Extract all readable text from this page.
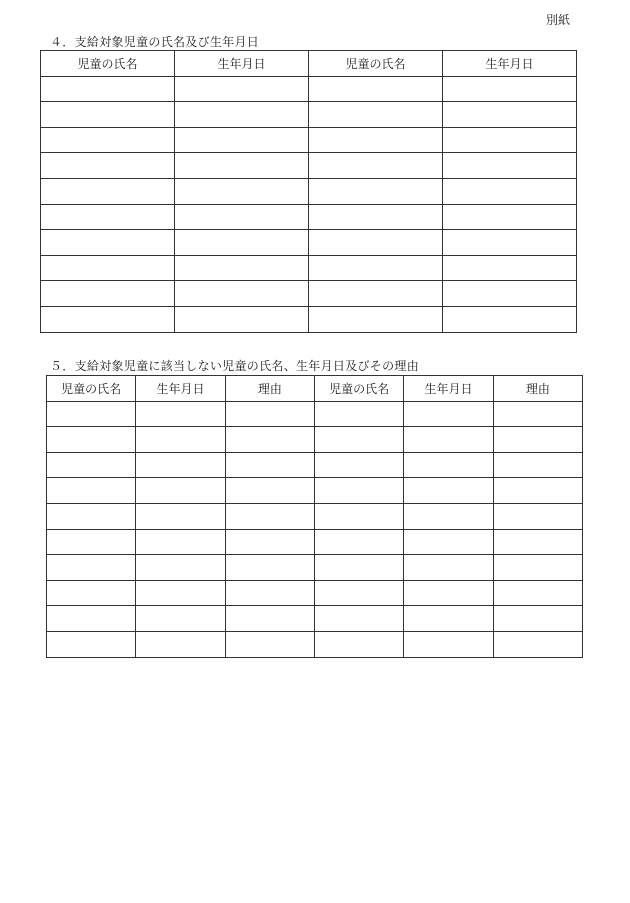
別紙
４．支給対象児童の氏名及び生年月日
児童の氏名	生年月日	児童の氏名	生年月日

５．支給対象児童に該当しない児童の氏名、生年月日及びその理由
児童の氏名	生年月日	理由	児童の氏名	生年月日	理由
